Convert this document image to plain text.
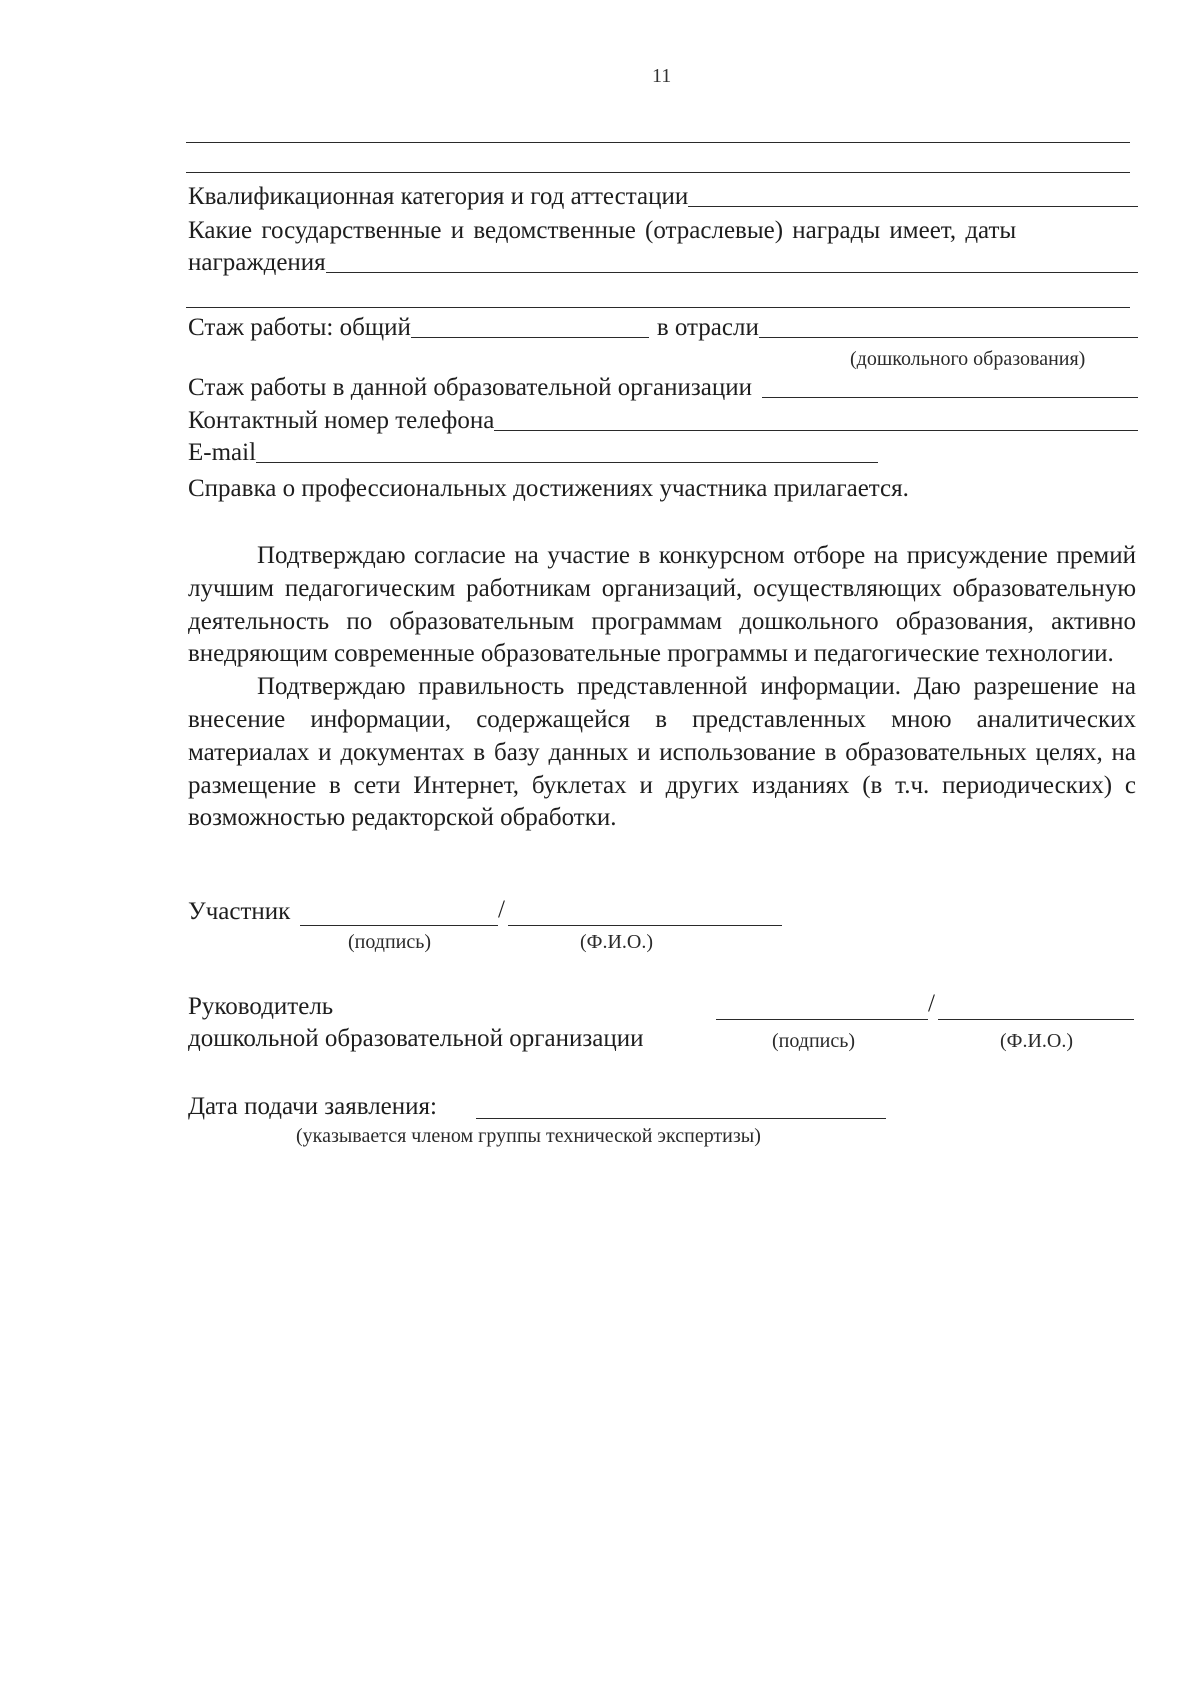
11
Квалификационная категория и год аттестации
Какие государственные и ведомственные (отраслевые) награды имеет, даты
награждения
Стаж работы: общий	в отрасли
(дошкольного образования)
Стаж работы в данной образовательной организации
Контактный номер телефона
E-mail
Справка о профессиональных достижениях участника прилагается.

Подтверждаю согласие на участие в конкурсном отборе на присуждение премий лучшим педагогическим работникам организаций, осуществляющих образовательную деятельность по образовательным программам дошкольного образования, активно внедряющим современные образовательные программы и педагогические технологии.

Подтверждаю правильность представленной информации. Даю разрешение на внесение информации, содержащейся в представленных мною аналитических материалах и документах в базу данных и использование в образовательных целях, на размещение в сети Интернет, буклетах и других изданиях (в т.ч. периодических) с возможностью редакторской обработки.

Участник	/
(подпись)	(Ф.И.О.)
Руководитель
дошкольной образовательной организации
/
(подпись)	(Ф.И.О.)
Дата подачи заявления:
(указывается членом группы технической экспертизы)
